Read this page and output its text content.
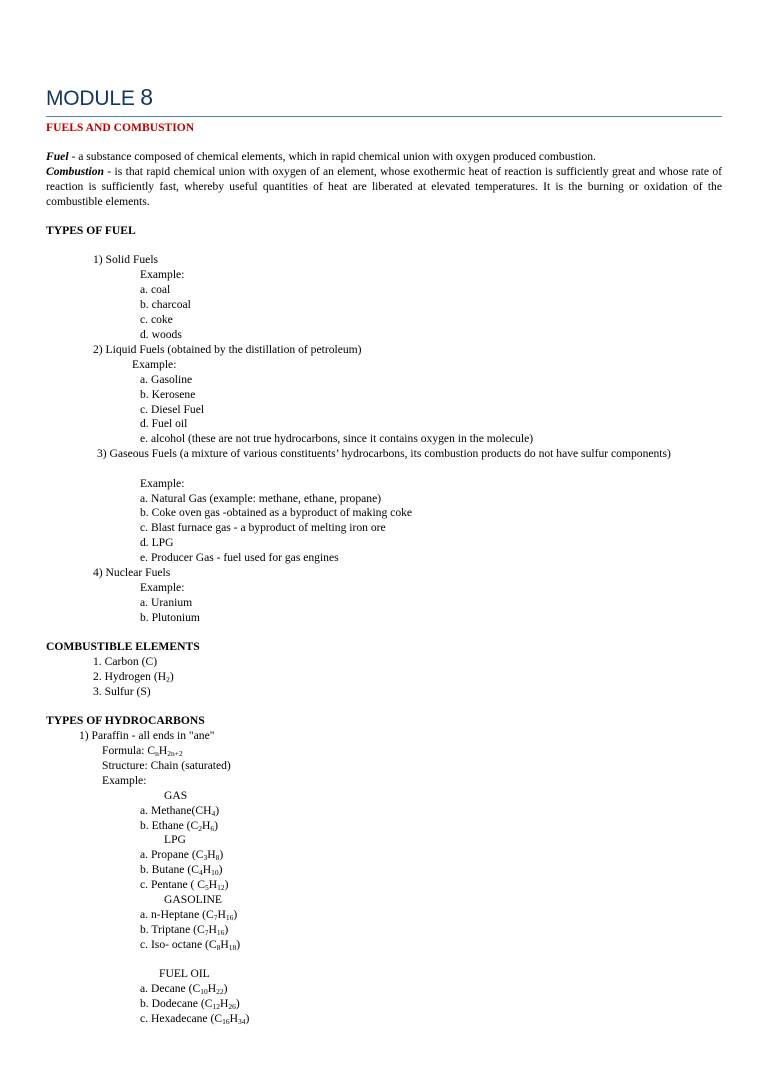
MODULE 8
FUELS AND COMBUSTION
Fuel - a substance composed of chemical elements, which in rapid chemical union with oxygen produced combustion.
Combustion - is that rapid chemical union with oxygen of an element, whose exothermic heat of reaction is sufficiently great and whose rate of reaction is sufficiently fast, whereby useful quantities of heat are liberated at elevated temperatures. It is the burning or oxidation of the combustible elements.
TYPES OF FUEL
1) Solid Fuels
Example:
a. coal
b. charcoal
c. coke
d. woods
2) Liquid Fuels (obtained by the distillation of petroleum)
Example:
a. Gasoline
b. Kerosene
c. Diesel Fuel
d. Fuel oil
e. alcohol (these are not true hydrocarbons, since it contains oxygen in the molecule)
3) Gaseous Fuels (a mixture of various constituents’ hydrocarbons, its combustion products do not have sulfur components)
Example:
a. Natural Gas (example: methane, ethane, propane)
b. Coke oven gas -obtained as a byproduct of making coke
c. Blast furnace gas - a byproduct of melting iron ore
d. LPG
e. Producer Gas - fuel used for gas engines
4) Nuclear Fuels
Example:
a. Uranium
b. Plutonium
COMBUSTIBLE ELEMENTS
1. Carbon (C)
2. Hydrogen $(H_2)$
3. Sulfur (S)
TYPES OF HYDROCARBONS
1) Paraffin - all ends in "ane"
Formula: $C_nH_{2n+2}$
Structure: Chain (saturated)
Example:
GAS
a. $Methane(CH_4)$
b. Ethane $(C_2H_6)$
LPG
a. Propane $(C_3H_8)$
b. Butane $(C_4H_{10})$
c. Pentane ( $C_5H_{12}$)
GASOLINE
a. n-Heptane $(C_7H_{16})$
b. Triptane $(C_7H_{16})$
c. Iso- octane $(C_8H_{18})$
FUEL OIL
a. Decane $(C_{10}H_{22})$
b. Dodecane $(C_{12}H_{26})$
c. Hexadecane $(C_{16}H_{34})$
